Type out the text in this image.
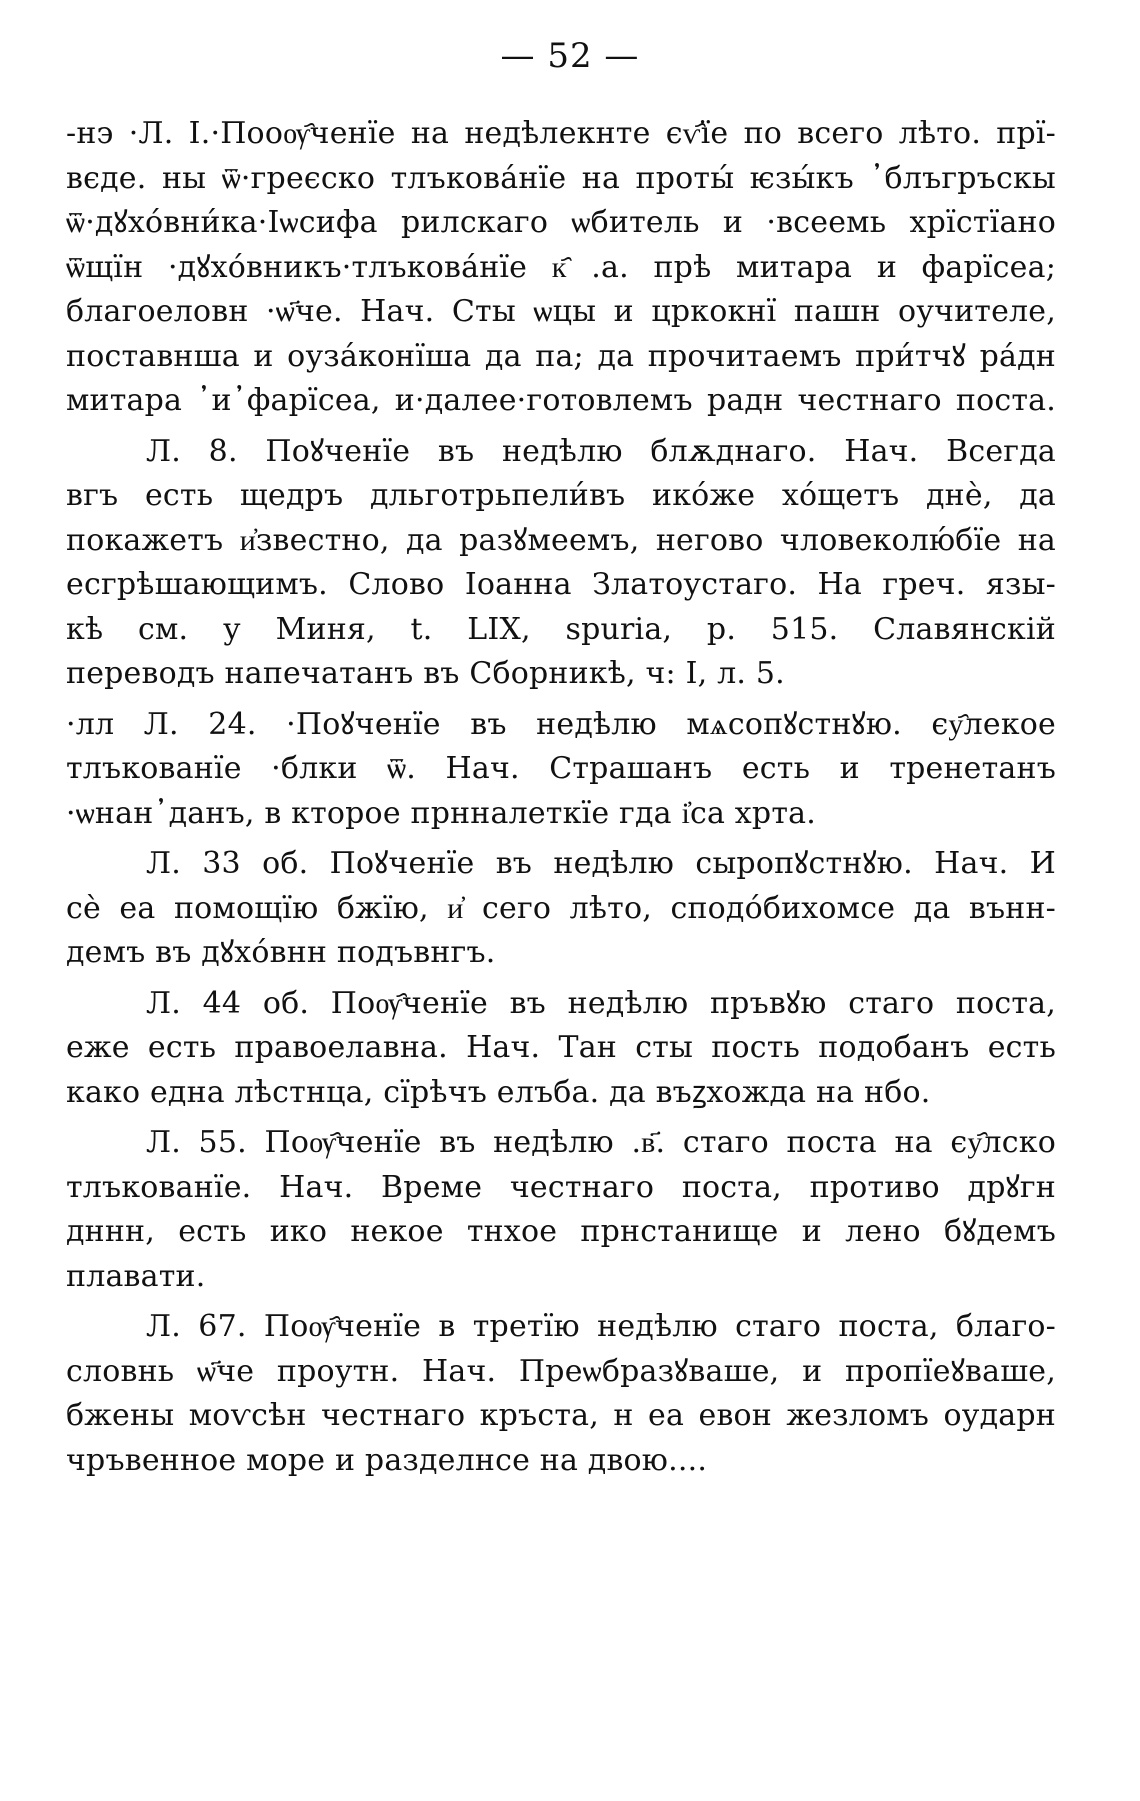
— 52 —

-нэ ·Л. I.·Пооѹ҄ченїе на недѣлекнте єѵ҄їе по всего лѣто. прї-
вєде. ны ѿ·греєско тлъкова́нїе на проты́ ѥзы́къ ᾿блъгръскы
ѿ·дꙋхо́вни́ка·Іѡсифа рилскаго ѡбитель и ·всеемь хрїстїано
ѿщїн ·дꙋхо́вникъ·тлъкова́нїе к҄ .а. прѣ митара и фарїсеа;
благоеловн ·ѡ҃че. Нач. Сты ѡцы и цркокнї пашн оучителе,
поставнша и оуза́конїша да па; да прочитаемъ при́тчꙋ ра́дн
митара ᾿и᾿фарїсеа, и·далее·готовлемъ радн честнаго поста.

Л. 8. Поꙋченїе въ недѣлю блѫднаго. Нач. Всегда
вгъ есть щедръ дльготрьпели́въ ико́же хо́щетъ днѐ, да
покажетъ и҆звестно, да разꙋмеемъ, негово чловеколю́бїе на
есгрѣшающимъ. Слово Іоанна Златоустаго. На греч. язы-
кѣ см. у Миня, t. LIX, spuria, p. 515. Славянскій
переводъ напечатанъ въ Сборникѣ, ч: I, л. 5.

·лл Л. 24. ·Поꙋченїе въ недѣлю мѧсопꙋстнꙋю. єу҄лекое
тлъкованїе ·блки ѿ. Нач. Страшанъ есть и тренетанъ
·ѡнан᾿данъ, в кторое прнналеткїе гда і҆са хрта.

Л. 33 об. Поꙋченїе въ недѣлю сыропꙋстнꙋю. Нач. И
сѐ еа помощїю бжїю, и҆ сего лѣто, сподо́бихомсе да вънн-
демъ въ дꙋхо́внн подъвнгъ.

Л. 44 об. Поѹ҄ченїе въ недѣлю пръвꙋю стаго поста,
еже есть правоелавна. Нач. Тан сты пость подобанъ есть
како една лѣстнца, сїрѣчъ елъба. да въꙁхожда на нбо.

Л. 55. Поѹ҄ченїе въ недѣлю .в҃. стаго поста на єу҄лско
тлъкованїе. Нач. Време честнаго поста, противо дрꙋгн
дннн, есть ико некое тнхое прнстанище и лено бꙋдемъ
плавати.

Л. 67. Поѹ҄ченїе в третїю недѣлю стаго поста, благо-
словнь ѡ҃че проутн. Нач. Преѡбразꙋваше, и пропїеꙋваше,
бжены моѵсѣн честнаго кръста, н еа евон жезломъ оударн
чръвенное море и разделнсе на двою....
